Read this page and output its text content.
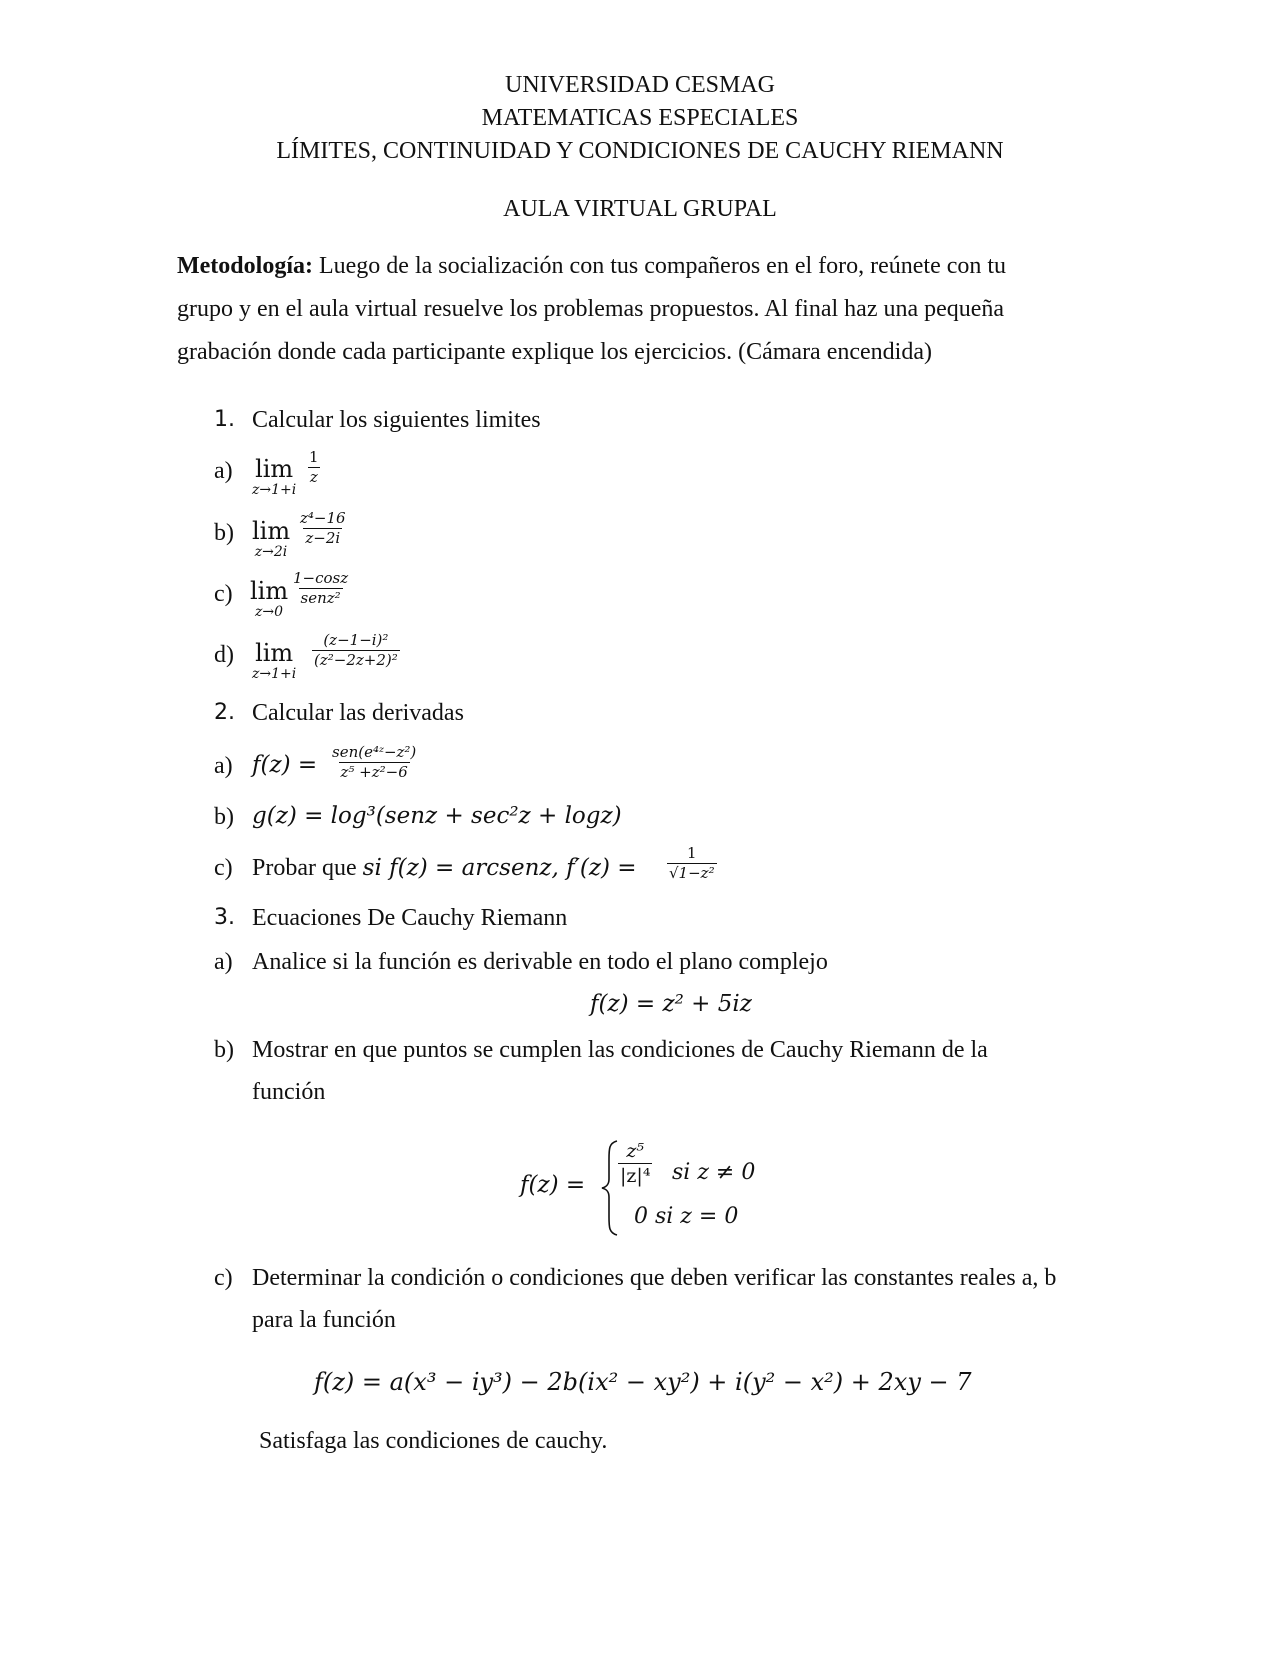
UNIVERSIDAD CESMAG
MATEMATICAS ESPECIALES
LÍMITES, CONTINUIDAD Y CONDICIONES DE CAUCHY RIEMANN
AULA VIRTUAL GRUPAL
Metodología: Luego de la socialización con tus compañeros en el foro, reúnete con tu
grupo y en el aula virtual resuelve los problemas propuestos. Al final haz una pequeña
grabación donde cada participante explique los ejercicios. (Cámara encendida)
1. Calcular los siguientes limites
a) lim
z→1+i
$\frac{1}{z}$
b) lim
z→2i
$\frac{\text{z⁴−16}}{z-2i}$
c) lim
z→0
1−cosz
senz²
d) lim
z→1+i
$\frac{\text{(z−1−i)²}}{\text{(z²−2z+2)²}}$
2. Calcular las derivadas
a) f(z) = sen(e⁴ᶻ−z²)
z⁵ +z²−6
b) g(z) = log³(senz + sec²z + logz)
c) Probar que si f(z) = arcsenz, $f'(z) = \frac{1}{\text{√1−z²}}$
3. Ecuaciones De Cauchy Riemann
a) Analice si la función es derivable en todo el plano complejo
f(z) = z² + 5iz
b) Mostrar en que puntos se cumplen las condiciones de Cauchy Riemann de la
función
$f(z) = \frac{\text{z⁵}}{\text{|z|⁴}}$ si z ≠ 0
0 si z = 0
c) Determinar la condición o condiciones que deben verificar las constantes reales a, b
para la función
f(z) = a(x³ − iy³) − 2b(ix² − xy²) + i(y² − x²) + 2xy − 7
Satisfaga las condiciones de cauchy.
